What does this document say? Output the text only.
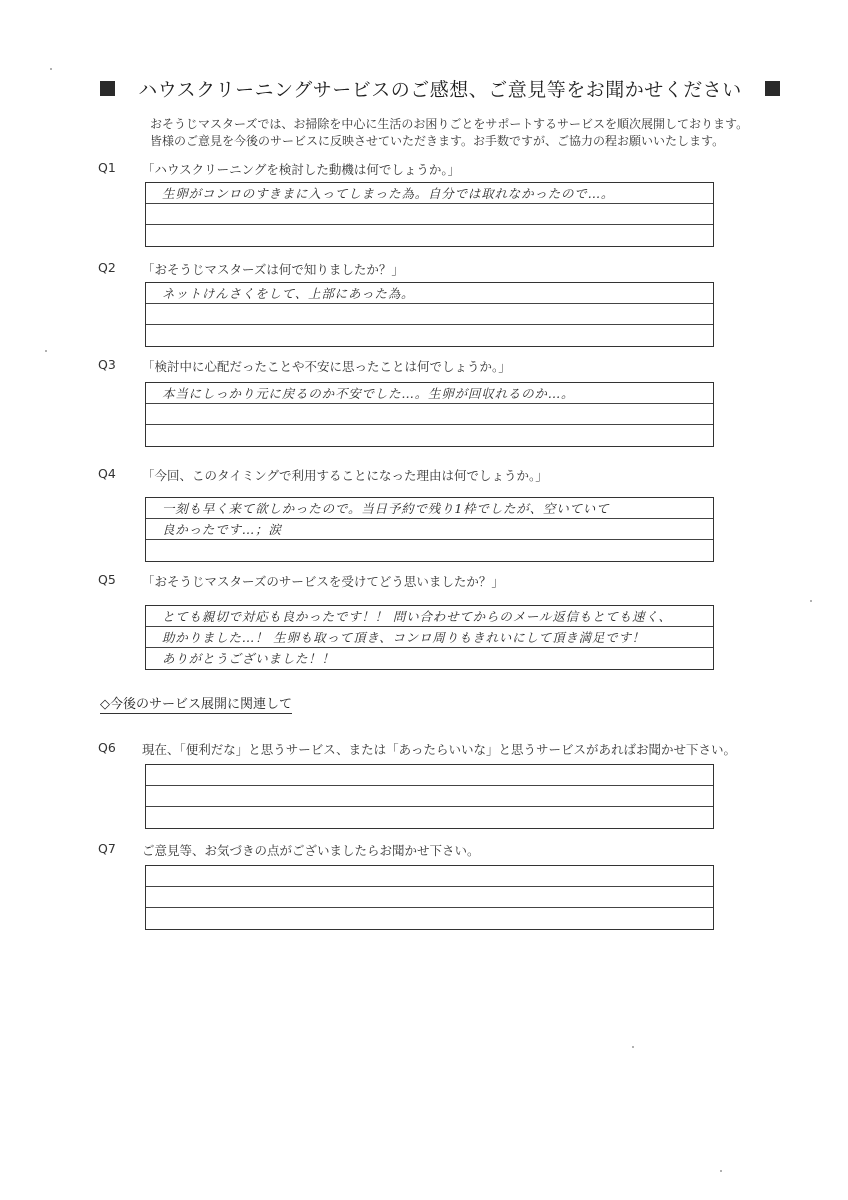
ハウスクリーニングサービスのご感想、ご意見等をお聞かせください
おそうじマスターズでは、お掃除を中心に生活のお困りごとをサポートするサービスを順次展開しております。
皆様のご意見を今後のサービスに反映させていただきます。お手数ですが、ご協力の程お願いいたします。
Q1 「ハウスクリーニングを検討した動機は何でしょうか。」
生卵がコンロのすきまに入ってしまった為。自分では取れなかったので…。
Q2 「おそうじマスターズは何で知りましたか？」
ネットけんさくをして、上部にあった為。
Q3 「検討中に心配だったことや不安に思ったことは何でしょうか。」
本当にしっかり元に戻るのか不安でした…。生卵が回収れるのか…。
Q4 「今回、このタイミングで利用することになった理由は何でしょうか。」
一刻も早く来て欲しかったので。当日予約で残り1枠でしたが、空いていて
良かったです…；涙
Q5 「おそうじマスターズのサービスを受けてどう思いましたか？」
とても親切で対応も良かったです！！ 問い合わせてからのメール返信もとても速く、
助かりました…！ 生卵も取って頂き、コンロ周りもきれいにして頂き満足です！
ありがとうございました！！
◇今後のサービス展開に関連して
Q6 現在、「便利だな」と思うサービス、または「あったらいいな」と思うサービスがあればお聞かせ下さい。
Q7 ご意見等、お気づきの点がございましたらお聞かせ下さい。
